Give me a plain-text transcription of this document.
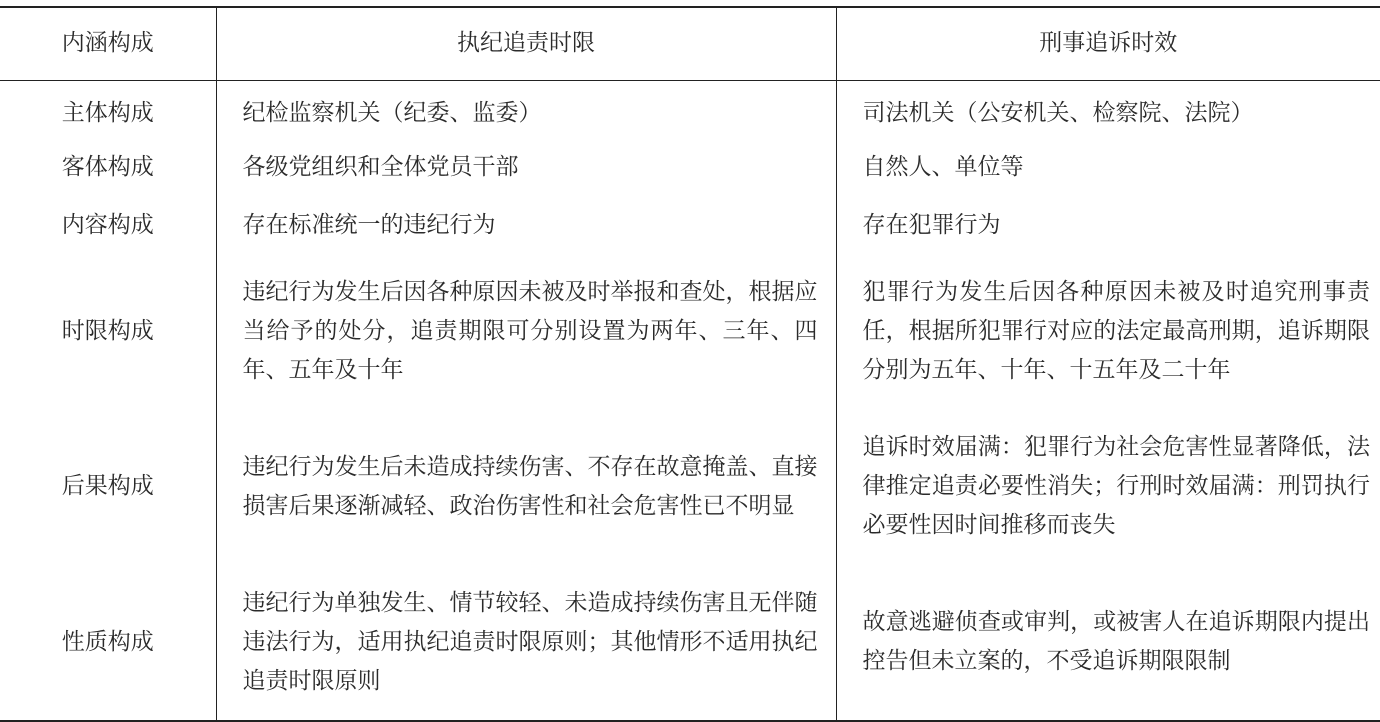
内涵构成	执纪追责时限	刑事追诉时效
主体构成	纪检监察机关（纪委、监委）	司法机关（公安机关、检察院、法院）

客体构成	各级党组织和全体党员干部	自然人、单位等

内容构成	存在标准统一的违纪行为	存在犯罪行为

时限构成	违纪行为发生后因各种原因未被及时举报和查处，根据应当给予的处分，追责期限可分别设置为两年、三年、四年、五年及十年	犯罪行为发生后因各种原因未被及时追究刑事责任，根据所犯罪行对应的法定最高刑期，追诉期限分别为五年、十年、十五年及二十年

后果构成	违纪行为发生后未造成持续伤害、不存在故意掩盖、直接损害后果逐渐减轻、政治伤害性和社会危害性已不明显	追诉时效届满：犯罪行为社会危害性显著降低，法律推定追责必要性消失；行刑时效届满：刑罚执行必要性因时间推移而丧失

性质构成	违纪行为单独发生、情节较轻、未造成持续伤害且无伴随违法行为，适用执纪追责时限原则；其他情形不适用执纪追责时限原则	故意逃避侦查或审判，或被害人在追诉期限内提出控告但未立案的，不受追诉期限限制
